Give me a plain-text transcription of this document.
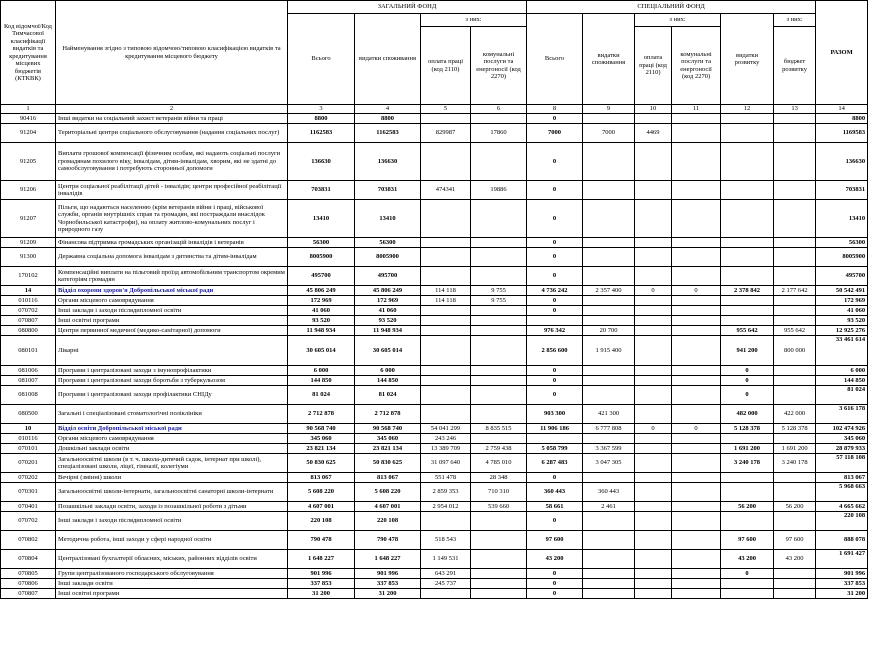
Код відомчої/Код Тимчасової класифікації видатків та кредитування місцевих бюджетів (КТКВК)	Найменування згідно з типовою відомчою/типовою класифікацією видатків та кредитування місцевого бюджету	ЗАГАЛЬНИЙ ФОНД				СПЕЦІАЛЬНИЙ ФОНД						РАЗОМ
		Всього	видатки споживання	з них:		Всього	видатки споживання	з них:		видатки розвитку	з них:	
				оплата праці (код 2110)	комунальні послуги та енергоносії (код 2270)			оплата праці (код 2110)	комунальні послуги та енергоносії (код 2270)		бюджет розвитку	
1	2	3	4	5	6	8	9	10	11	12	13	14
90416	Інші видатки на соціальний захист ветеранів війни та праці	8800	8800			0						8800
91204	Територіальні центри соціального обслуговування (надання соціальних послуг)	1162583	1162583	829987	17860	7000	7000	4469				1169583
91205	Виплати грошової компенсації фізичним особам, які надають соціальні послуги громадянам похилого віку, інвалідам, дітям-інвалідам, хворим, які не здатні до самообслуговування і потребують сторонньої допомоги	136630	136630			0						136630
91206	Центри соціальної реабілітації дітей - інвалідів; центри професійної реабілітації інвалідів	703831	703831	474341	19886	0						703831
91207	Пільги, що надаються населенню (крім ветеранів війни і праці, військової служби, органів внутрішніх справ та громадян, які постраждали внаслідок Чорнобильської катастрофи), на оплату житлово-комунальних послуг і природного газу	13410	13410			0						13410
91209	Фінансова підтримка громадських організацій інвалідів і ветеранів	56300	56300			0						56300
91300	Державна соціальна допомога інвалідам з дитинства та дітям-інвалідам	8005900	8005900			0						8005900
170102	Компенсаційні виплати на пільговий проїзд автомобільним транспортом окремим категоріям громадян	495700	495700			0						495700
14	Відділ охорони здоров'я Добропільської міської ради	45 806 249	45 806 249	114 118	9 755	4 736 242	2 357 400	0	0	2 378 842	2 177 642	50 542 491
010116	Органи місцевого самоврядування	172 969	172 969	114 118	9 755	0						172 969
070702	Інші заклади і заходи післядипломної освіти	41 060	41 060			0						41 060
070807	Інші освітні програми	93 520	93 520									93 520
080800	Центри первинної медичної (медико-санітарної) допомоги	11 948 934	11 948 934			976 342	20 700			955 642	955 642	12 925 276
080101	Лікарні	30 605 014	30 605 014			2 856 600	1 915 400			941 200	800 000	33 461 614
081006	Програми і централізовані заходи з імунопрофілактики	6 000	6 000			0				0		6 000
081007	Програми і централізовані заходи боротьби з туберкульозом	144 850	144 850			0				0		144 850
081008	Програми і централізовані заходи профілактики СНІДу	81 024	81 024			0				0		81 024
080500	Загальні і спеціалізовані стоматологічні поліклініки	2 712 878	2 712 878			903 300	421 300			482 000	422 000	3 616 178
10	Відділ освіти Добропільської міської ради	90 568 740	90 568 740	54 041 299	8 835 515	11 906 186	6 777 808	0	0	5 128 378	5 128 378	102 474 926
010116	Органи місцевого самоврядування	345 060	345 060	243 246								345 060
070101	Дошкільні заклади освіти	23 821 134	23 821 134	13 389 709	2 759 438	5 058 799	3 367 599			1 691 200	1 691 200	28 879 933
070201	Загальноосвітні школи (в т. ч. школа-дитячий садок, інтернат при школі), спеціалізовані школи, ліцеї, гімназії, колегіуми	50 830 625	50 830 625	31 097 640	4 785 010	6 287 483	3 047 305			3 240 178	3 240 178	57 118 108
070202	Вечірні (змінні) школи	813 067	813 067	551 478	28 348	0						813 067
070301	Загальноосвітні школи-інтернати, загальноосвітні санаторні школи-інтернати	5 608 220	5 608 220	2 859 353	710 310	360 443	360 443					5 968 663
070401	Позашкільні заклади освіти, заходи із позашкільної роботи з дітьми	4 607 001	4 607 001	2 954 012	539 660	58 661	2 461			56 200	56 200	4 665 662
070702	Інші заклади і заходи післядипломної освіти	220 108	220 108			0						220 108
070802	Методична робота, інші заходи у сфері народної освіти	790 478	790 478	518 543		97 600				97 600	97 600	888 078
070804	Централізовані бухгалтерії обласних, міських, районних відділів освіти	1 648 227	1 648 227	1 149 531		43 200				43 200	43 200	1 691 427
070805	Групи централізованого господарського обслуговування	901 996	901 996	643 291		0				0		901 996
070806	Інші заклади освіти	337 853	337 853	245 737		0						337 853
070807	Інші освітні програми	31 200	31 200			0						31 200
